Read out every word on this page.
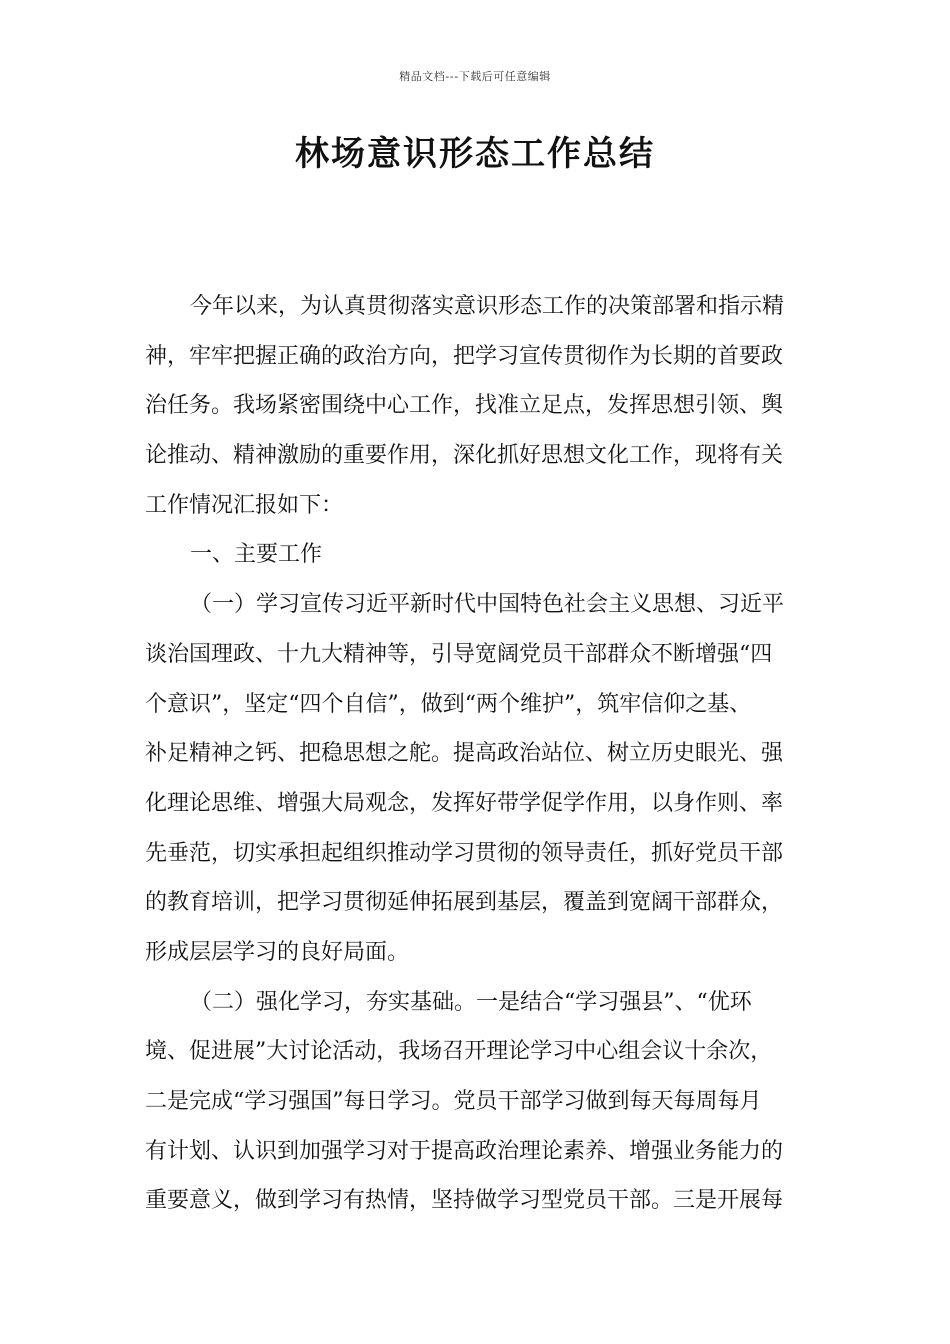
精品文档---下载后可任意编辑
林场意识形态工作总结
今年以来，为认真贯彻落实意识形态工作的决策部署和指示精
神，牢牢把握正确的政治方向，把学习宣传贯彻作为长期的首要政
治任务。我场紧密围绕中心工作，找准立足点，发挥思想引领、舆
论推动、精神激励的重要作用，深化抓好思想文化工作，现将有关
工作情况汇报如下：
一、主要工作
（一）学习宣传习近平新时代中国特色社会主义思想、习近平
谈治国理政、十九大精神等，引导宽阔党员干部群众不断增强“四
个意识”，坚定“四个自信”，做到“两个维护”，筑牢信仰之基、
补足精神之钙、把稳思想之舵。提高政治站位、树立历史眼光、强
化理论思维、增强大局观念，发挥好带学促学作用，以身作则、率
先垂范，切实承担起组织推动学习贯彻的领导责任，抓好党员干部
的教育培训，把学习贯彻延伸拓展到基层，覆盖到宽阔干部群众，
形成层层学习的良好局面。
（二）强化学习，夯实基础。一是结合“学习强县”、“优环
境、促进展”大讨论活动，我场召开理论学习中心组会议十余次，
二是完成“学习强国”每日学习。党员干部学习做到每天每周每月
有计划、认识到加强学习对于提高政治理论素养、增强业务能力的
重要意义，做到学习有热情，坚持做学习型党员干部。三是开展每
